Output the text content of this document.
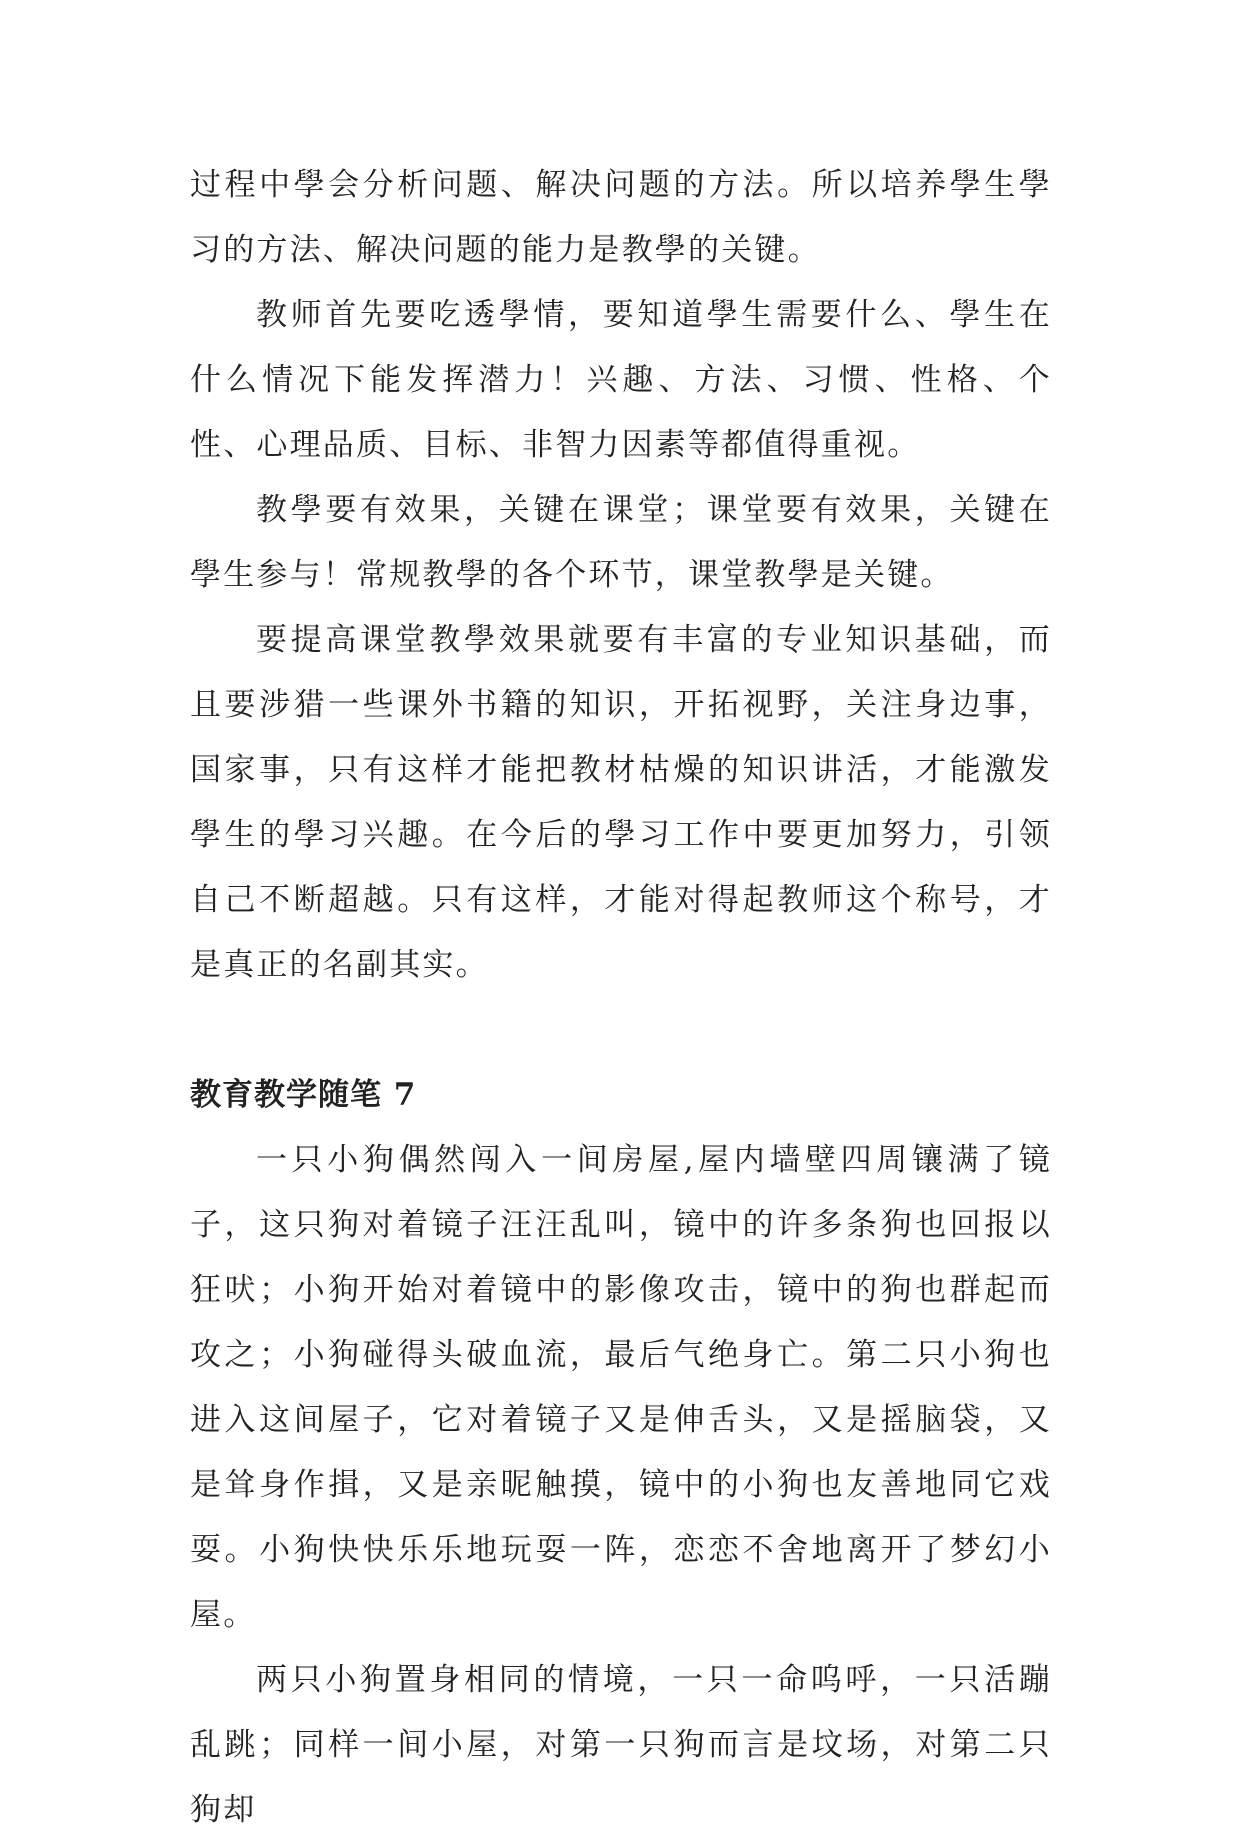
过程中學会分析问题、解决问题的方法。所以培养學生學习的方法、解决问题的能力是教學的关键。

教师首先要吃透學情，要知道學生需要什么、學生在什么情况下能发挥潜力！兴趣、方法、习惯、性格、个性、心理品质、目标、非智力因素等都值得重视。

教學要有效果，关键在课堂；课堂要有效果，关键在學生参与！常规教學的各个环节，课堂教學是关键。

要提高课堂教學效果就要有丰富的专业知识基础，而且要涉猎一些课外书籍的知识，开拓视野，关注身边事，国家事，只有这样才能把教材枯燥的知识讲活，才能激发學生的學习兴趣。在今后的學习工作中要更加努力，引领自己不断超越。只有这样，才能对得起教师这个称号，才是真正的名副其实。

教育教学随笔 7

一只小狗偶然闯入一间房屋,屋内墙壁四周镶满了镜子，这只狗对着镜子汪汪乱叫，镜中的许多条狗也回报以狂吠；小狗开始对着镜中的影像攻击，镜中的狗也群起而攻之；小狗碰得头破血流，最后气绝身亡。第二只小狗也进入这间屋子，它对着镜子又是伸舌头，又是摇脑袋，又是耸身作揖，又是亲昵触摸，镜中的小狗也友善地同它戏耍。小狗快快乐乐地玩耍一阵，恋恋不舍地离开了梦幻小屋。

两只小狗置身相同的情境，一只一命呜呼，一只活蹦乱跳；同样一间小屋，对第一只狗而言是坟场，对第二只狗却
